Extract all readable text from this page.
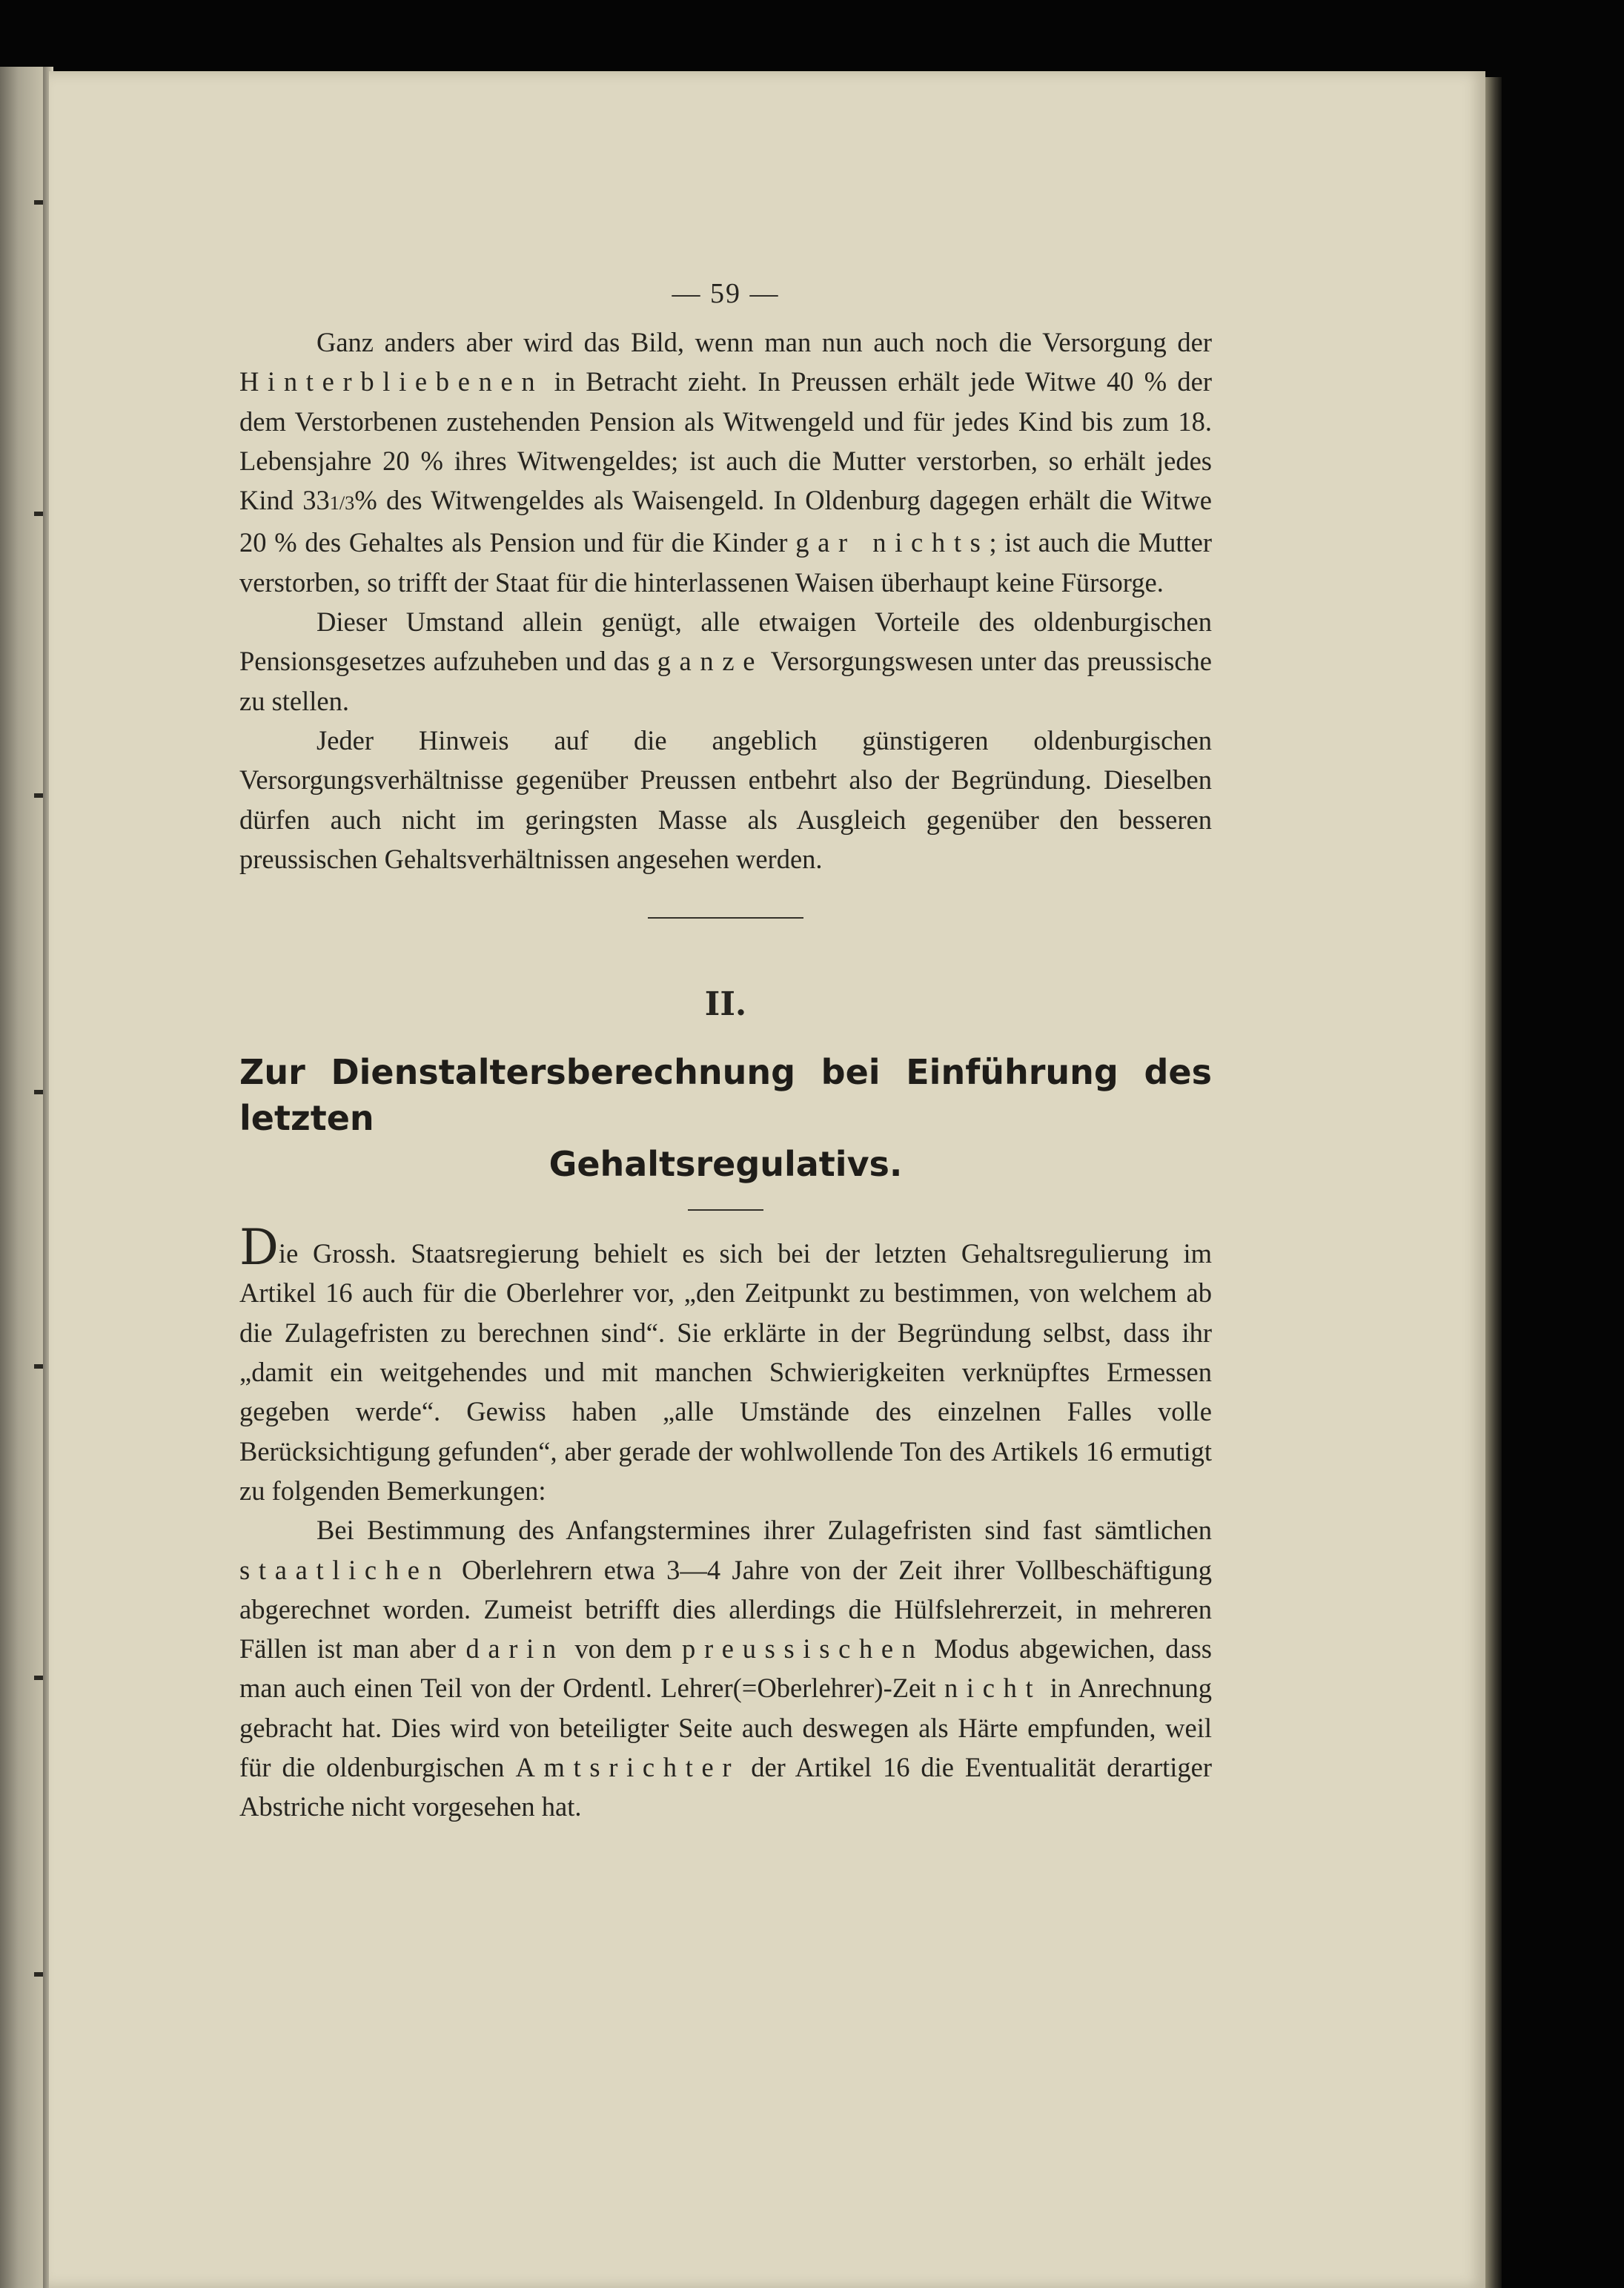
— 59 —

Ganz anders aber wird das Bild, wenn man nun auch noch die Versorgung der Hinterbliebenen in Betracht zieht. In Preussen erhält jede Witwe 40 % der dem Verstorbenen zustehenden Pension als Witwengeld und für jedes Kind bis zum 18. Lebensjahre 20 % ihres Witwengeldes; ist auch die Mutter verstorben, so erhält jedes Kind 331/3% des Witwengeldes als Waisengeld. In Oldenburg dagegen erhält die Witwe 20 % des Gehaltes als Pension und für die Kinder gar nichts; ist auch die Mutter verstorben, so trifft der Staat für die hinterlassenen Waisen überhaupt keine Fürsorge.

Dieser Umstand allein genügt, alle etwaigen Vorteile des oldenburgischen Pensionsgesetzes aufzuheben und das ganze Versorgungswesen unter das preussische zu stellen.

Jeder Hinweis auf die angeblich günstigeren oldenburgischen Versorgungsverhältnisse gegenüber Preussen entbehrt also der Begründung. Dieselben dürfen auch nicht im geringsten Masse als Ausgleich gegenüber den besseren preussischen Gehaltsverhältnissen angesehen werden.

II.
Zur Dienstaltersberechnung bei Einführung des letzten
Gehaltsregulativs.

Die Grossh. Staatsregierung behielt es sich bei der letzten Gehaltsregulierung im Artikel 16 auch für die Oberlehrer vor, „den Zeitpunkt zu bestimmen, von welchem ab die Zulagefristen zu berechnen sind“. Sie erklärte in der Begründung selbst, dass ihr „damit ein weitgehendes und mit manchen Schwierigkeiten verknüpftes Ermessen gegeben werde“. Gewiss haben „alle Umstände des einzelnen Falles volle Berücksichtigung gefunden“, aber gerade der wohlwollende Ton des Artikels 16 ermutigt zu folgenden Bemerkungen:

Bei Bestimmung des Anfangstermines ihrer Zulagefristen sind fast sämtlichen staatlichen Oberlehrern etwa 3—4 Jahre von der Zeit ihrer Vollbeschäftigung abgerechnet worden. Zumeist betrifft dies allerdings die Hülfslehrerzeit, in mehreren Fällen ist man aber darin von dem preussischen Modus abgewichen, dass man auch einen Teil von der Ordentl. Lehrer(=Oberlehrer)-Zeit nicht in Anrechnung gebracht hat. Dies wird von beteiligter Seite auch deswegen als Härte empfunden, weil für die oldenburgischen Amtsrichter der Artikel 16 die Eventualität derartiger Abstriche nicht vorgesehen hat.
